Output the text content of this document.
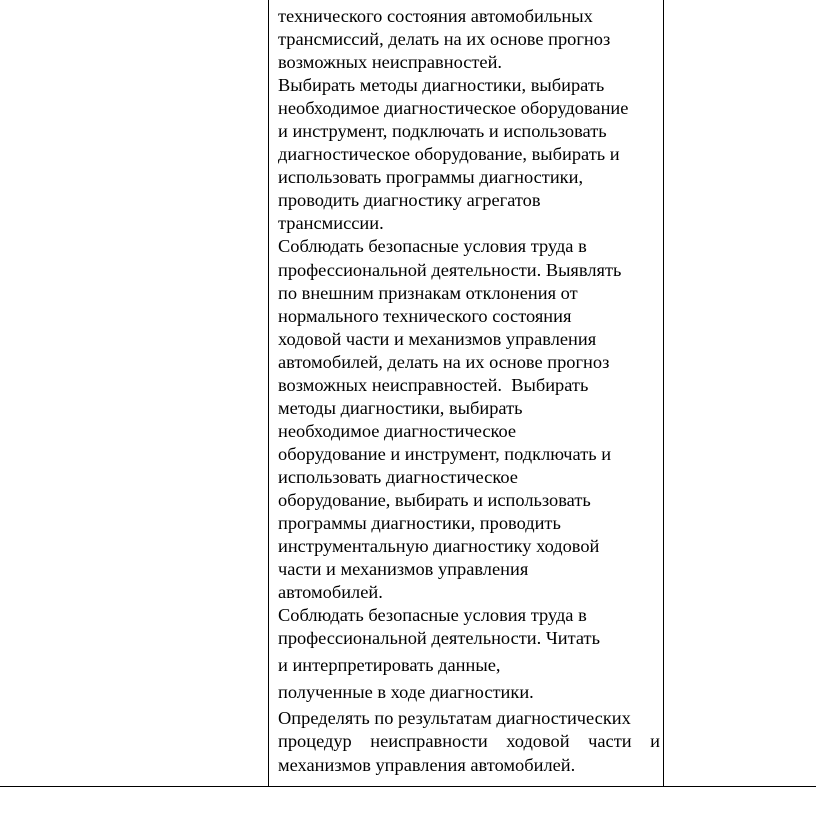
технического состояния автомобильных
трансмиссий, делать на их основе прогноз
возможных неисправностей.
Выбирать методы диагностики, выбирать
необходимое диагностическое оборудование
и инструмент, подключать и использовать
диагностическое оборудование, выбирать и
использовать программы диагностики,
проводить диагностику агрегатов
трансмиссии.
Соблюдать безопасные условия труда в
профессиональной деятельности. Выявлять
по внешним признакам отклонения от
нормального технического состояния
ходовой части и механизмов управления
автомобилей, делать на их основе прогноз
возможных неисправностей.  Выбирать
методы диагностики, выбирать
необходимое диагностическое
оборудование и инструмент, подключать и
использовать диагностическое
оборудование, выбирать и использовать
программы диагностики, проводить
инструментальную диагностику ходовой
части и механизмов управления
автомобилей.
Соблюдать безопасные условия труда в
профессиональной деятельности. Читать
и интерпретировать данные,
полученные в ходе диагностики.
Определять по результатам диагностических
процедур неисправности ходовой части и
механизмов управления автомобилей.
